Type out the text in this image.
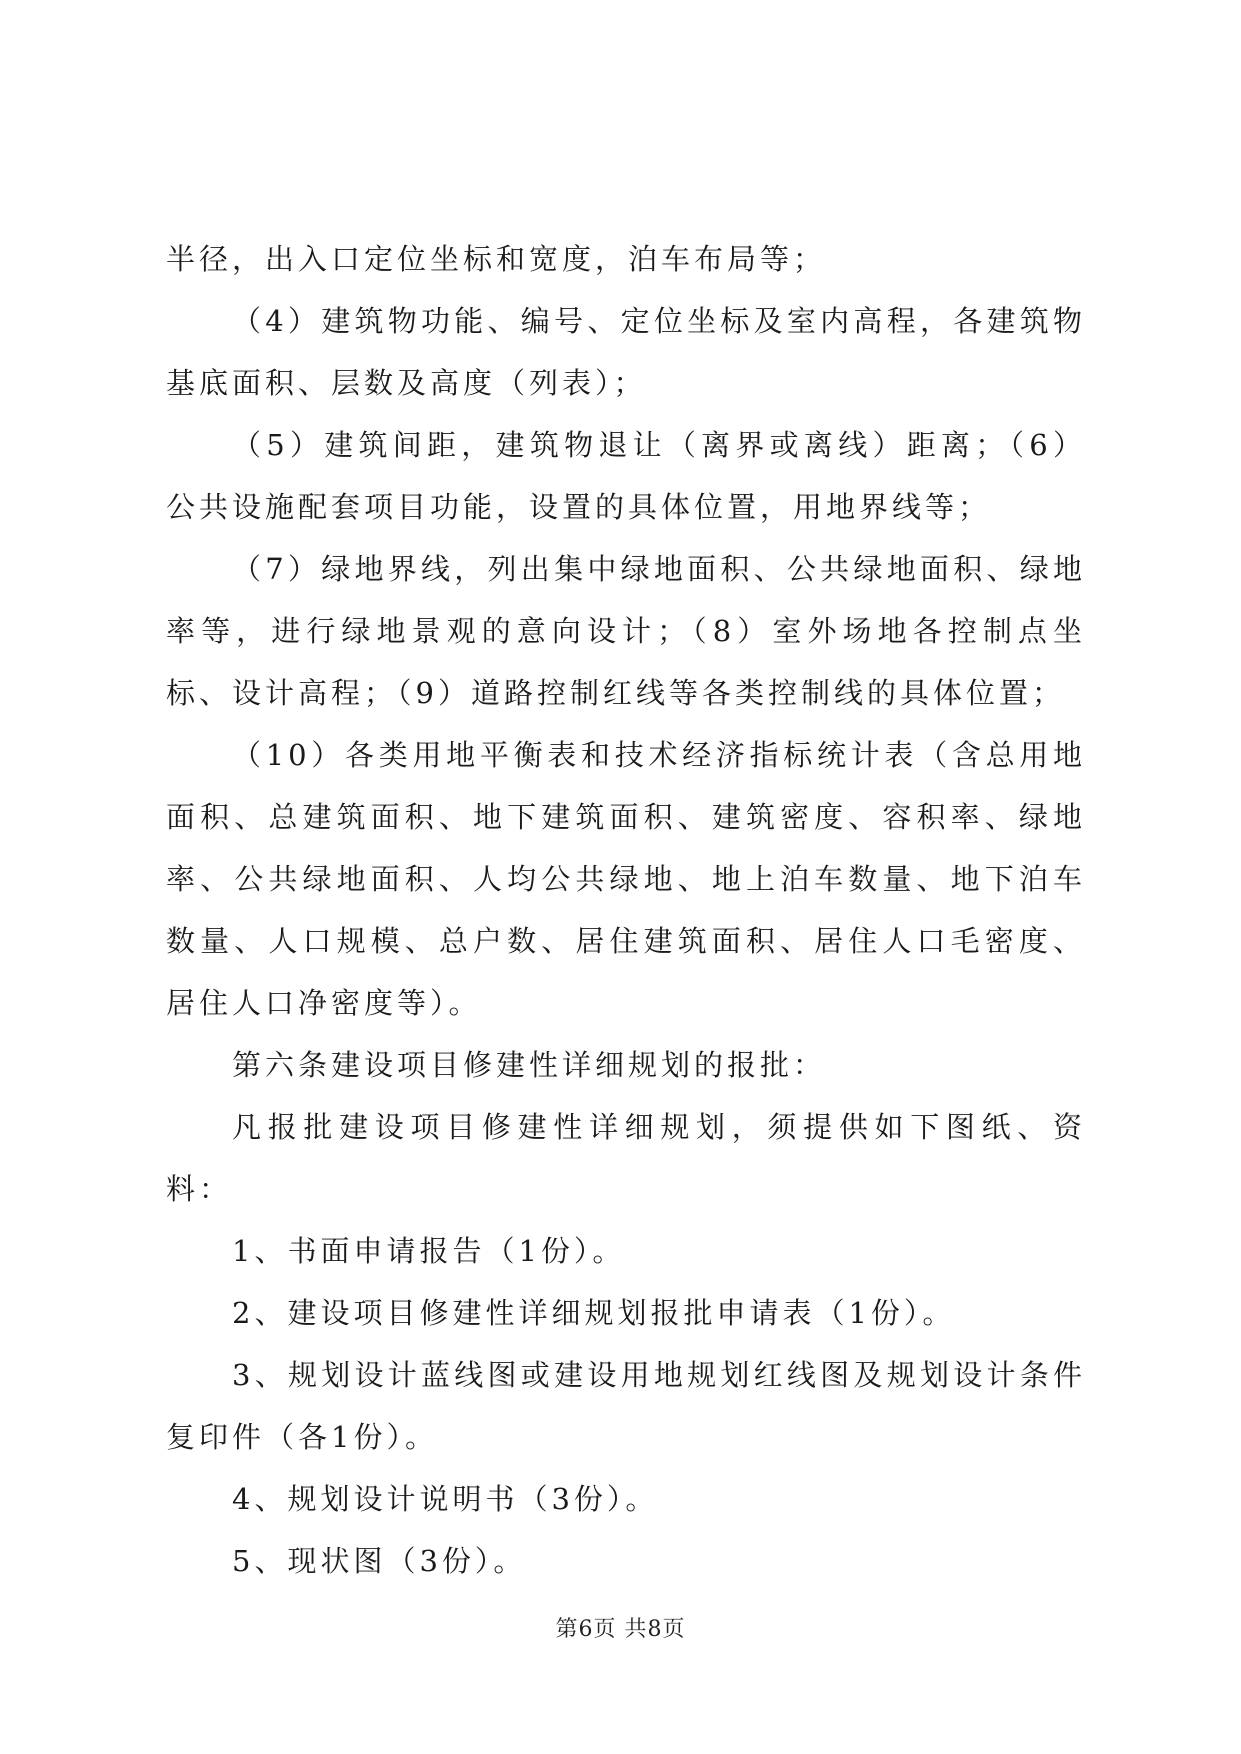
半径，出入口定位坐标和宽度，泊车布局等；

（4）建筑物功能、编号、定位坐标及室内高程，各建筑物基底面积、层数及高度（列表）；

（5）建筑间距，建筑物退让（离界或离线）距离；（6）公共设施配套项目功能，设置的具体位置，用地界线等；

（7）绿地界线，列出集中绿地面积、公共绿地面积、绿地率等，进行绿地景观的意向设计；（8）室外场地各控制点坐标、设计高程；（9）道路控制红线等各类控制线的具体位置；

（10）各类用地平衡表和技术经济指标统计表（含总用地面积、总建筑面积、地下建筑面积、建筑密度、容积率、绿地率、公共绿地面积、人均公共绿地、地上泊车数量、地下泊车数量、人口规模、总户数、居住建筑面积、居住人口毛密度、居住人口净密度等）。

第六条建设项目修建性详细规划的报批：

凡报批建设项目修建性详细规划，须提供如下图纸、资料：

1、书面申请报告（1份）。

2、建设项目修建性详细规划报批申请表（1份）。

3、规划设计蓝线图或建设用地规划红线图及规划设计条件复印件（各1份）。

4、规划设计说明书（3份）。

5、现状图（3份）。

第6页 共8页
